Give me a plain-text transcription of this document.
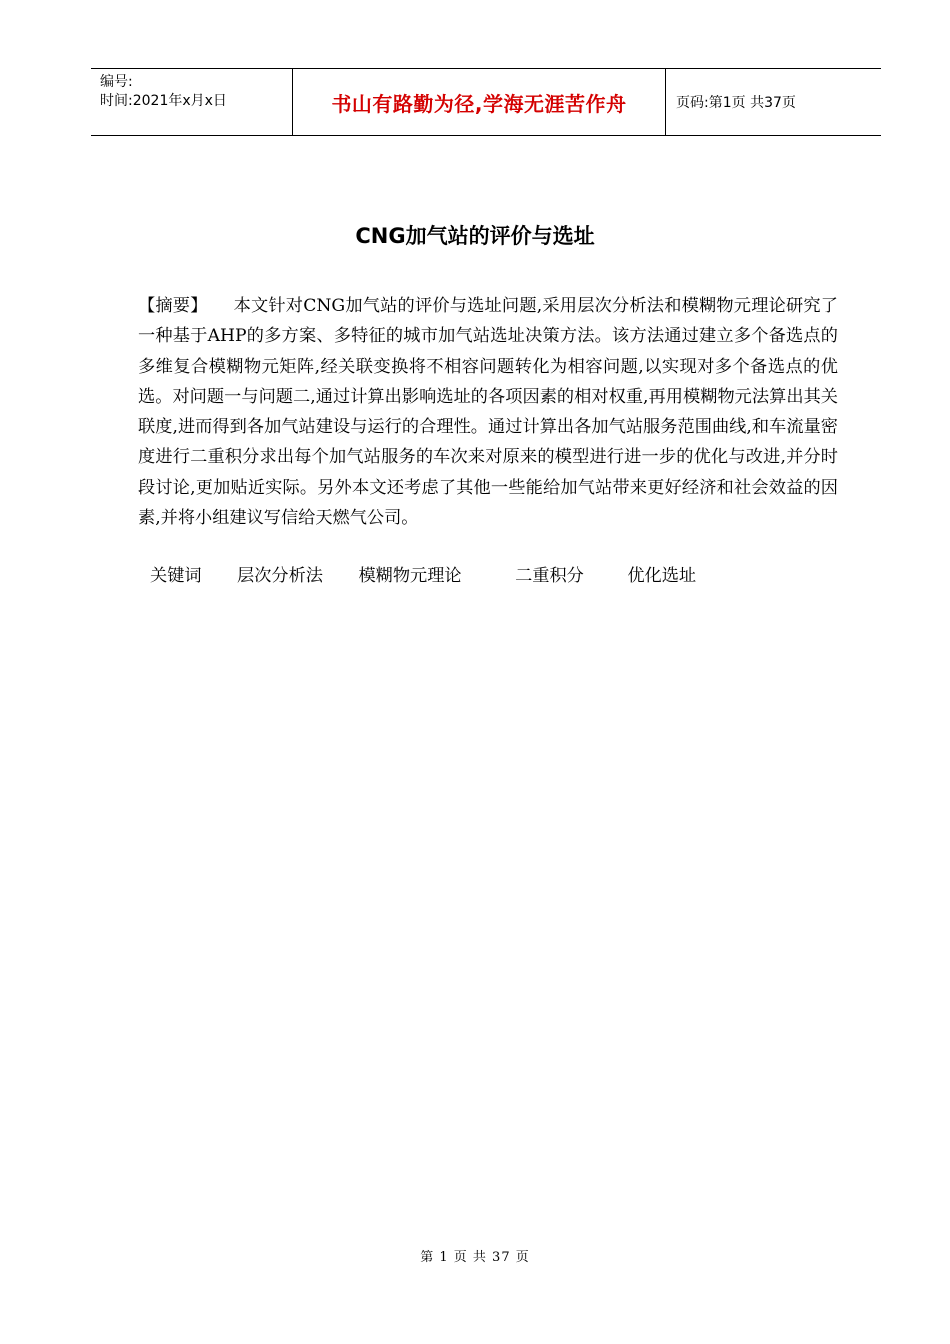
编号:
时间:2021年x月x日	书山有路勤为径,学海无涯苦作舟	页码:第1页 共37页
CNG加气站的评价与选址
【摘要】 本文针对CNG加气站的评价与选址问题,采用层次分析法和模糊物元理论研究了一种基于AHP的多方案、多特征的城市加气站选址决策方法。该方法通过建立多个备选点的多维复合模糊物元矩阵,经关联变换将不相容问题转化为相容问题,以实现对多个备选点的优选。对问题一与问题二,通过计算出影响选址的各项因素的相对权重,再用模糊物元法算出其关联度,进而得到各加气站建设与运行的合理性。通过计算出各加气站服务范围曲线,和车流量密度进行二重积分求出每个加气站服务的车次来对原来的模型进行进一步的优化与改进,并分时段讨论,更加贴近实际。另外本文还考虑了其他一些能给加气站带来更好经济和社会效益的因素,并将小组建议写信给天燃气公司。
关键词 层次分析法 模糊物元理论	二重积分	优化选址
第 1 页 共 37 页
